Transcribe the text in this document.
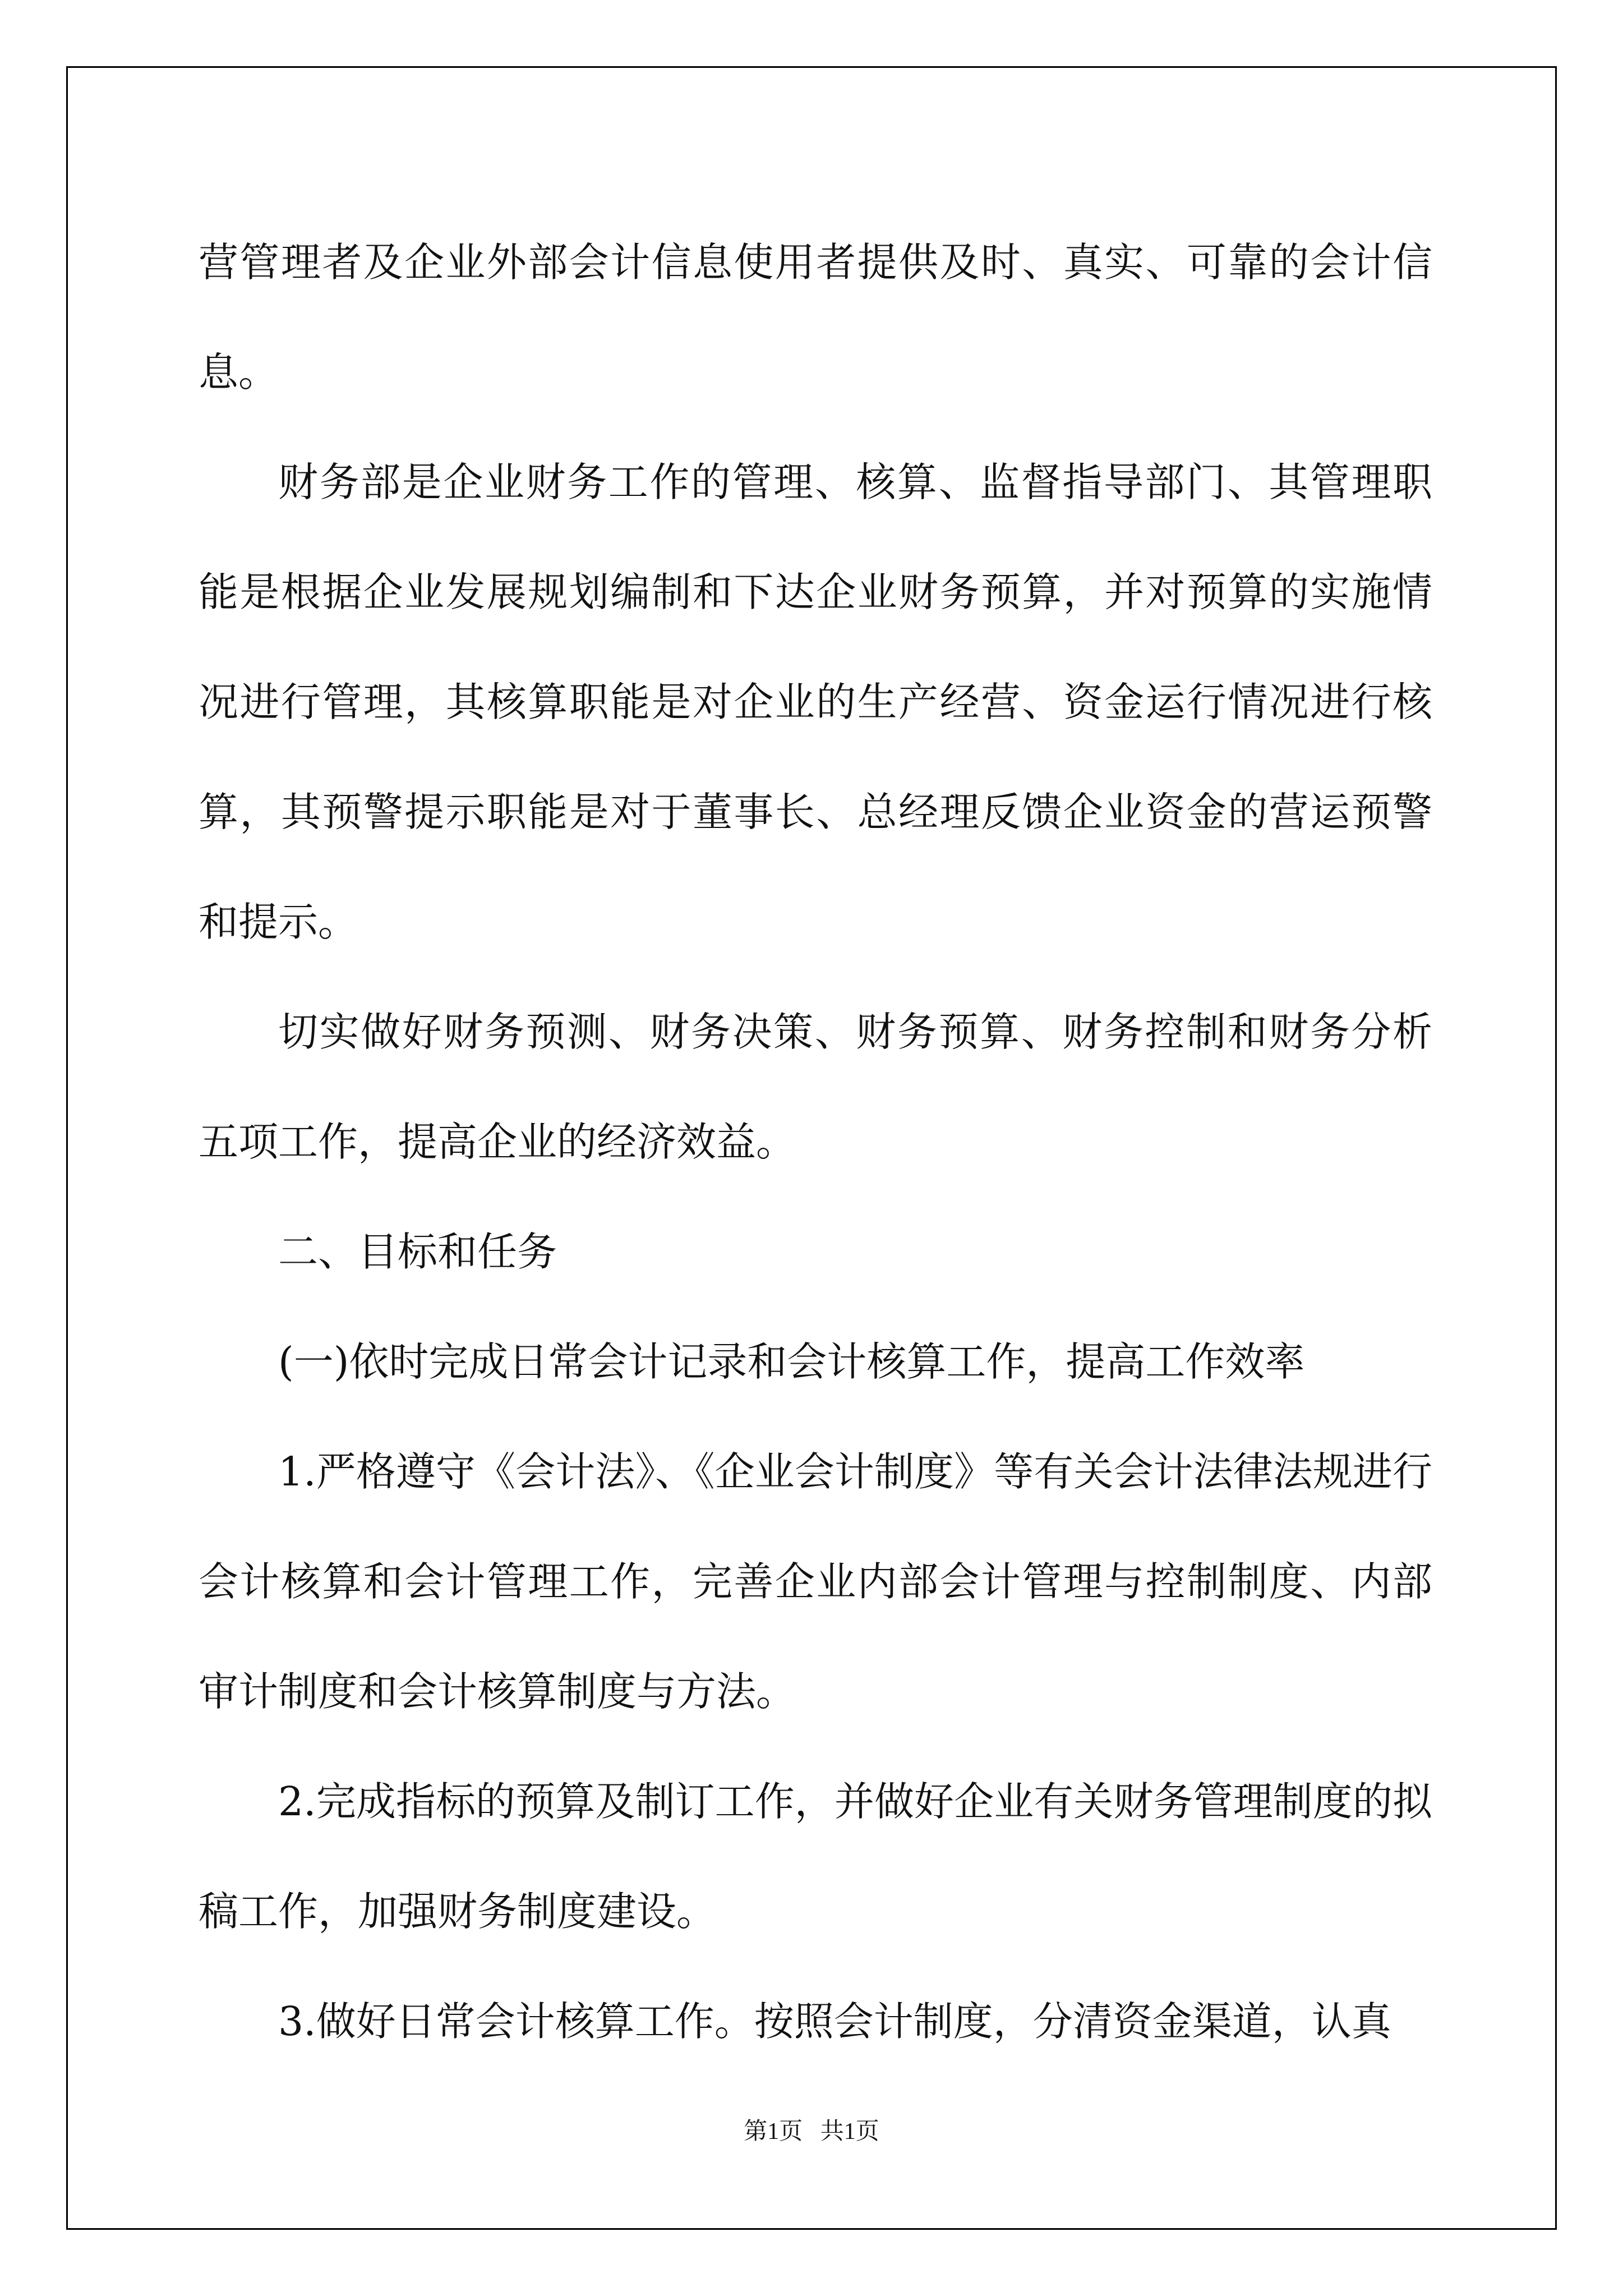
营管理者及企业外部会计信息使用者提供及时、真实、可靠的会计信息。

财务部是企业财务工作的管理、核算、监督指导部门、其管理职能是根据企业发展规划编制和下达企业财务预算，并对预算的实施情况进行管理，其核算职能是对企业的生产经营、资金运行情况进行核算，其预警提示职能是对于董事长、总经理反馈企业资金的营运预警和提示。

切实做好财务预测、财务决策、财务预算、财务控制和财务分析五项工作，提高企业的经济效益。

二、目标和任务

(一)依时完成日常会计记录和会计核算工作，提高工作效率

1.严格遵守《会计法》、《企业会计制度》等有关会计法律法规进行会计核算和会计管理工作，完善企业内部会计管理与控制制度、内部审计制度和会计核算制度与方法。

2.完成指标的预算及制订工作，并做好企业有关财务管理制度的拟稿工作，加强财务制度建设。

3.做好日常会计核算工作。按照会计制度，分清资金渠道，认真

第1页 共1页
